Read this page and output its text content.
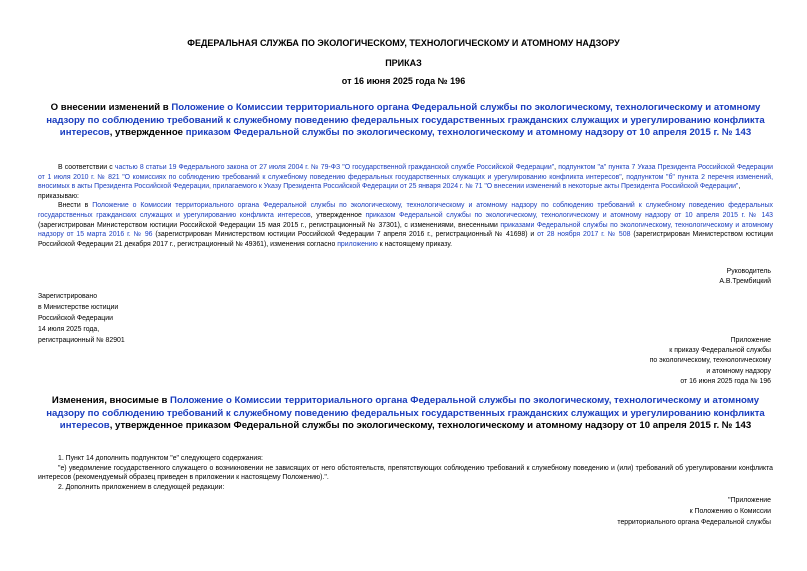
ФЕДЕРАЛЬНАЯ СЛУЖБА ПО ЭКОЛОГИЧЕСКОМУ, ТЕХНОЛОГИЧЕСКОМУ И АТОМНОМУ НАДЗОРУ
ПРИКАЗ
от 16 июня 2025 года № 196
О внесении изменений в Положение о Комиссии территориального органа Федеральной службы по экологическому, технологическому и атомному надзору по соблюдению требований к служебному поведению федеральных государственных гражданских служащих и урегулированию конфликта интересов, утвержденное приказом Федеральной службы по экологическому, технологическому и атомному надзору от 10 апреля 2015 г. № 143

В соответствии с частью 8 статьи 19 Федерального закона от 27 июля 2004 г. № 79-ФЗ "О государственной гражданской службе Российской Федерации", подпунктом "а" пункта 7 Указа Президента Российской Федерации от 1 июля 2010 г. № 821 "О комиссиях по соблюдению требований к служебному поведению федеральных государственных служащих и урегулированию конфликта интересов", подпунктом "б" пункта 2 перечня изменений, вносимых в акты Президента Российской Федерации, прилагаемого к Указу Президента Российской Федерации от 25 января 2024 г. № 71 "О внесении изменений в некоторые акты Президента Российской Федерации",

приказываю:

Внести в Положение о Комиссии территориального органа Федеральной службы по экологическому, технологическому и атомному надзору по соблюдению требований к служебному поведению федеральных государственных гражданских служащих и урегулированию конфликта интересов, утвержденное приказом Федеральной службы по экологическому, технологическому и атомному надзору от 10 апреля 2015 г. № 143 (зарегистрирован Министерством юстиции Российской Федерации 15 мая 2015 г., регистрационный № 37301), с изменениями, внесенными приказами Федеральной службы по экологическому, технологическому и атомному надзору от 15 марта 2016 г. № 96 (зарегистрирован Министерством юстиции Российской Федерации 7 апреля 2016 г., регистрационный № 41698) и от 28 ноября 2017 г. № 508 (зарегистрирован Министерством юстиции Российской Федерации 21 декабря 2017 г., регистрационный № 49361), изменения согласно приложению к настоящему приказу.

Руководитель
А.В.Трембицкий
Зарегистрировано
в Министерстве юстиции
Российской Федерации
14 июля 2025 года,
регистрационный № 82901	Приложение
к приказу Федеральной службы
по экологическому, технологическому
и атомному надзору
от 16 июня 2025 года № 196
Изменения, вносимые в Положение о Комиссии территориального органа Федеральной службы по экологическому, технологическому и атомному надзору по соблюдению требований к служебному поведению федеральных государственных гражданских служащих и урегулированию конфликта интересов, утвержденное приказом Федеральной службы по экологическому, технологическому и атомному надзору от 10 апреля 2015 г. № 143

1. Пункт 14 дополнить подпунктом "е" следующего содержания:

"е) уведомление государственного служащего о возникновении не зависящих от него обстоятельств, препятствующих соблюдению требований к служебному поведению и (или) требований об урегулировании конфликта интересов (рекомендуемый образец приведен в приложении к настоящему Положению).".

2. Дополнить приложением в следующей редакции:

"Приложение
к Положению о Комиссии
территориального органа Федеральной службы
